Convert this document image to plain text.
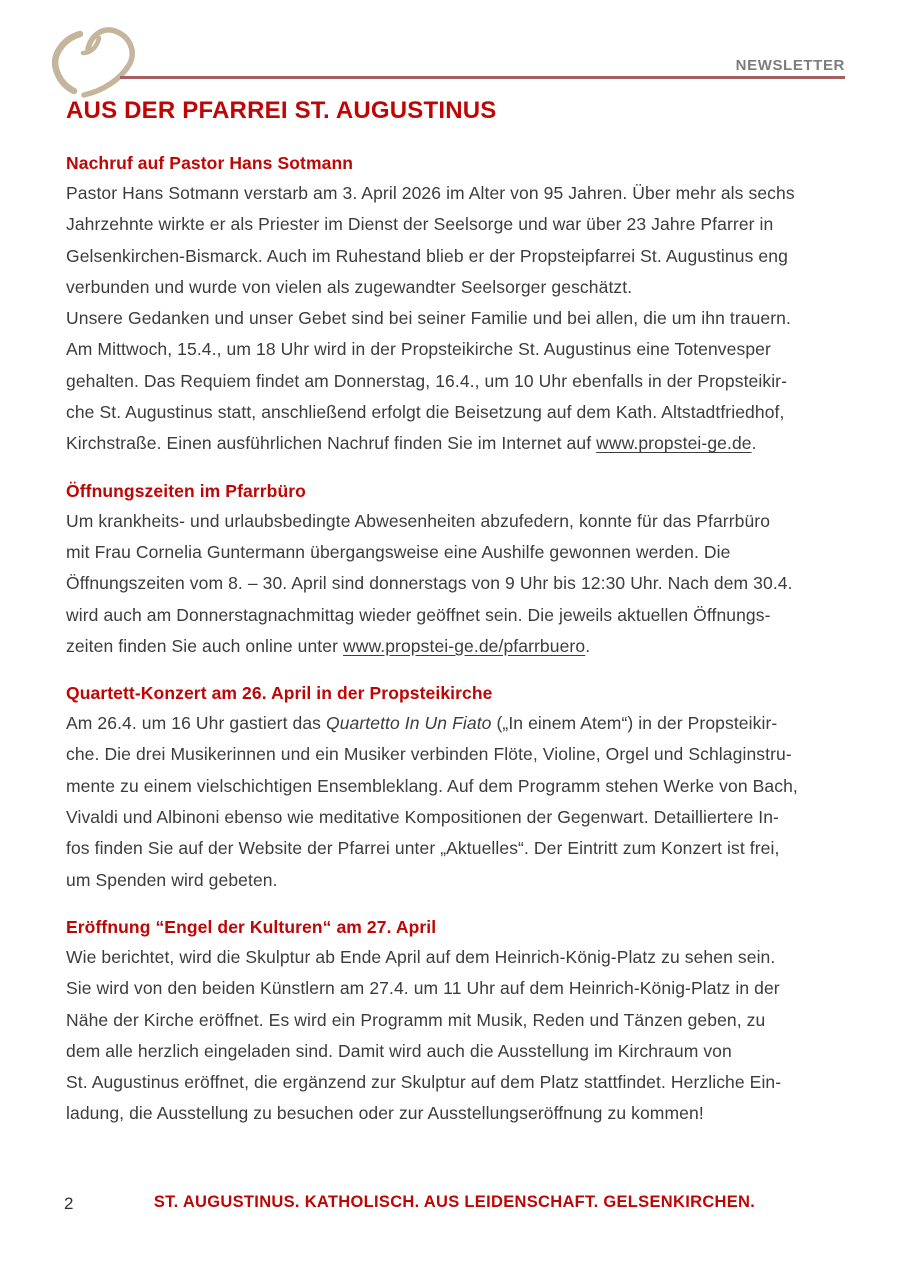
NEWSLETTER
AUS DER PFARREI ST. AUGUSTINUS
Nachruf auf Pastor Hans Sotmann
Pastor Hans Sotmann verstarb am 3. April 2026 im Alter von 95 Jahren. Über mehr als sechs
Jahrzehnte wirkte er als Priester im Dienst der Seelsorge und war über 23 Jahre Pfarrer in
Gelsenkirchen-Bismarck. Auch im Ruhestand blieb er der Propsteipfarrei St. Augustinus eng
verbunden und wurde von vielen als zugewandter Seelsorger geschätzt.
Unsere Gedanken und unser Gebet sind bei seiner Familie und bei allen, die um ihn trauern.
Am Mittwoch, 15.4., um 18 Uhr wird in der Propsteikirche St. Augustinus eine Totenvesper
gehalten. Das Requiem findet am Donnerstag, 16.4., um 10 Uhr ebenfalls in der Propsteikir-
che St. Augustinus statt, anschließend erfolgt die Beisetzung auf dem Kath. Altstadtfriedhof,
Kirchstraße. Einen ausführlichen Nachruf finden Sie im Internet auf www.propstei-ge.de.
Öffnungszeiten im Pfarrbüro
Um krankheits- und urlaubsbedingte Abwesenheiten abzufedern, konnte für das Pfarrbüro
mit Frau Cornelia Guntermann übergangsweise eine Aushilfe gewonnen werden. Die
Öffnungszeiten vom 8. – 30. April sind donnerstags von 9 Uhr bis 12:30 Uhr. Nach dem 30.4.
wird auch am Donnerstagnachmittag wieder geöffnet sein. Die jeweils aktuellen Öffnungs-
zeiten finden Sie auch online unter www.propstei-ge.de/pfarrbuero.
Quartett-Konzert am 26. April in der Propsteikirche
Am 26.4. um 16 Uhr gastiert das Quartetto In Un Fiato („In einem Atem“) in der Propsteikir-
che. Die drei Musikerinnen und ein Musiker verbinden Flöte, Violine, Orgel und Schlaginstru-
mente zu einem vielschichtigen Ensembleklang. Auf dem Programm stehen Werke von Bach,
Vivaldi und Albinoni ebenso wie meditative Kompositionen der Gegenwart. Detailliertere In-
fos finden Sie auf der Website der Pfarrei unter „Aktuelles“. Der Eintritt zum Konzert ist frei,
um Spenden wird gebeten.
Eröffnung “Engel der Kulturen“ am 27. April
Wie berichtet, wird die Skulptur ab Ende April auf dem Heinrich-König-Platz zu sehen sein.
Sie wird von den beiden Künstlern am 27.4. um 11 Uhr auf dem Heinrich-König-Platz in der
Nähe der Kirche eröffnet. Es wird ein Programm mit Musik, Reden und Tänzen geben, zu
dem alle herzlich eingeladen sind. Damit wird auch die Ausstellung im Kirchraum von
St. Augustinus eröffnet, die ergänzend zur Skulptur auf dem Platz stattfindet. Herzliche Ein-
ladung, die Ausstellung zu besuchen oder zur Ausstellungseröffnung zu kommen!
2	ST. AUGUSTINUS. KATHOLISCH. AUS LEIDENSCHAFT. GELSENKIRCHEN.
